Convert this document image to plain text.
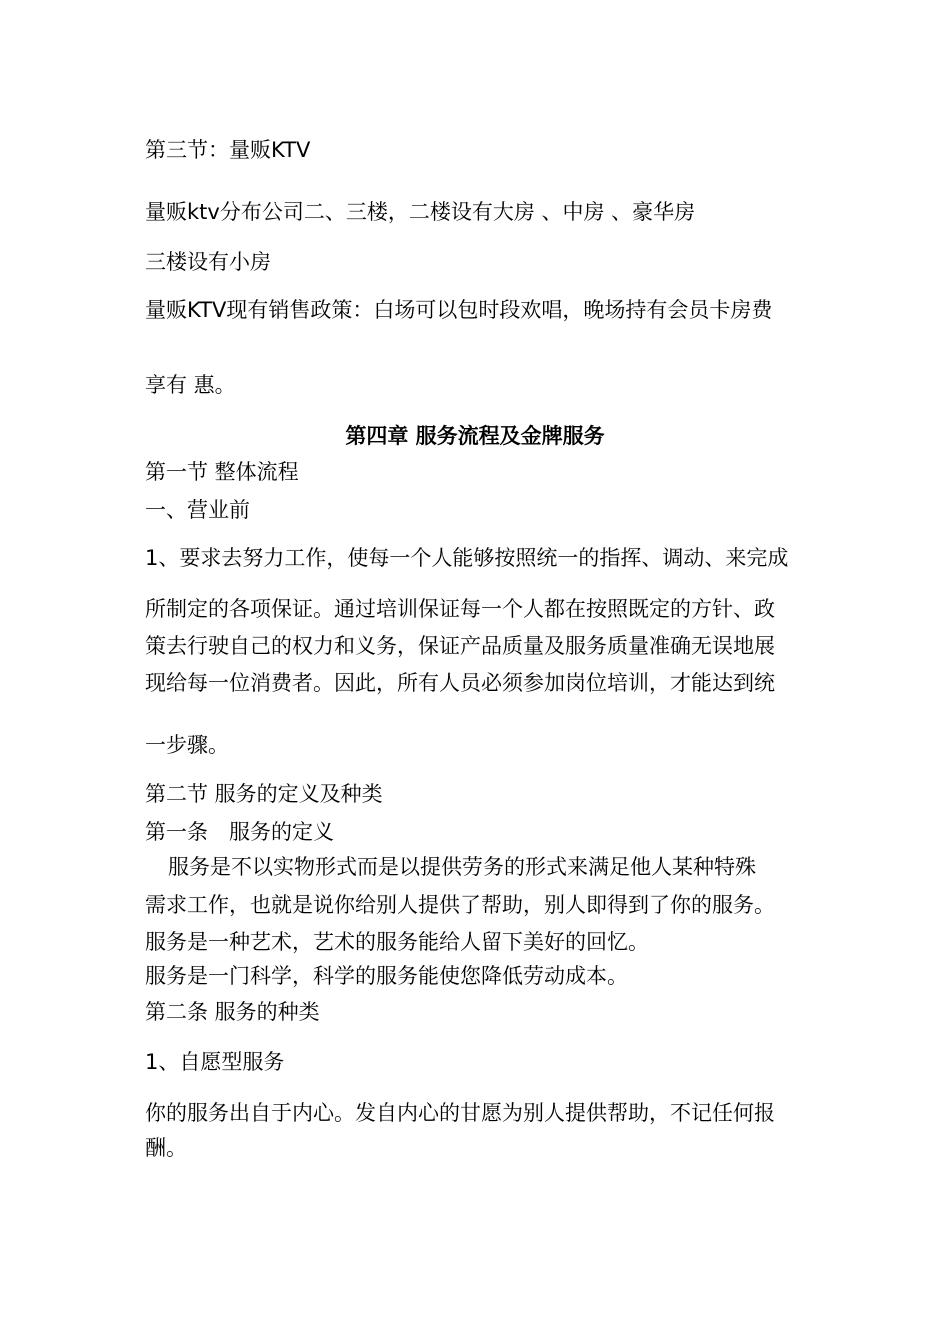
第三节：量贩KTV
量贩ktv分布公司二、三楼，二楼设有大房 、中房 、豪华房
三楼设有小房
量贩KTV现有销售政策：白场可以包时段欢唱，晚场持有会员卡房费
享有 惠。
第四章 服务流程及金牌服务
第一节 整体流程
一、营业前
1、要求去努力工作，使每一个人能够按照统一的指挥、调动、来完成
所制定的各项保证。通过培训保证每一个人都在按照既定的方针、政
策去行驶自己的权力和义务，保证产品质量及服务质量准确无误地展
现给每一位消费者。因此，所有人员必须参加岗位培训，才能达到统
一步骤。
第二节 服务的定义及种类
第一条　服务的定义
服务是不以实物形式而是以提供劳务的形式来满足他人某种特殊
需求工作，也就是说你给别人提供了帮助，别人即得到了你的服务。
服务是一种艺术，艺术的服务能给人留下美好的回忆。
服务是一门科学，科学的服务能使您降低劳动成本。
第二条 服务的种类
1、自愿型服务
你的服务出自于内心。发自内心的甘愿为别人提供帮助，不记任何报
酬。
